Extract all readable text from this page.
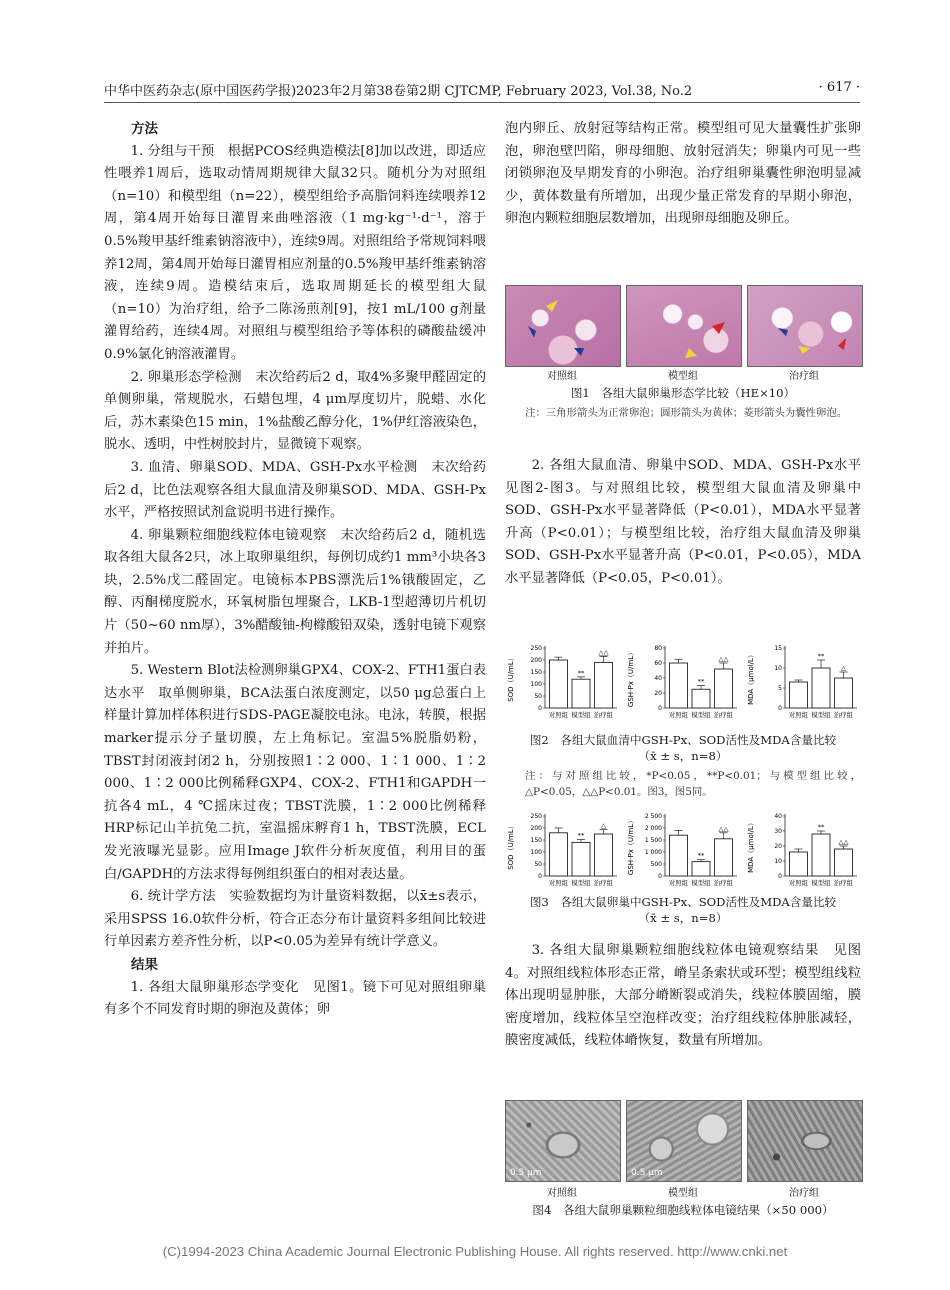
中华中医药杂志(原中国医药学报)2023年2月第38卷第2期 CJTCMP, February 2023, Vol.38, No.2	· 617 ·

方法

1. 分组与干预　根据PCOS经典造模法[8]加以改进，即适应性喂养1周后，选取动情周期规律大鼠32只。随机分为对照组（n=10）和模型组（n=22），模型组给予高脂饲料连续喂养12周，第4周开始每日灌胃来曲唑溶液（1 mg·kg⁻¹·d⁻¹，溶于0.5%羧甲基纤维素钠溶液中），连续9周。对照组给予常规饲料喂养12周，第4周开始每日灌胃相应剂量的0.5%羧甲基纤维素钠溶液，连续9周。造模结束后，选取周期延长的模型组大鼠（n=10）为治疗组，给予二陈汤煎剂[9]，按1 mL/100 g剂量灌胃给药，连续4周。对照组与模型组给予等体积的磷酸盐缓冲0.9%氯化钠溶液灌胃。

2. 卵巢形态学检测　末次给药后2 d，取4%多聚甲醛固定的单侧卵巢，常规脱水，石蜡包埋，4 μm厚度切片，脱蜡、水化后，苏木素染色15 min，1%盐酸乙醇分化，1%伊红溶液染色，脱水、透明，中性树胶封片，显微镜下观察。

3. 血清、卵巢SOD、MDA、GSH-Px水平检测　末次给药后2 d，比色法观察各组大鼠血清及卵巢SOD、MDA、GSH-Px水平，严格按照试剂盒说明书进行操作。

4. 卵巢颗粒细胞线粒体电镜观察　末次给药后2 d，随机选取各组大鼠各2只，冰上取卵巢组织，每例切成约1 mm³小块各3块，2.5%戊二醛固定。电镜标本PBS漂洗后1%锇酸固定，乙醇、丙酮梯度脱水，环氧树脂包埋聚合，LKB-1型超薄切片机切片（50~60 nm厚），3%醋酸铀-枸橼酸铅双染，透射电镜下观察并拍片。

5. Western Blot法检测卵巢GPX4、COX-2、FTH1蛋白表达水平　取单侧卵巢，BCA法蛋白浓度测定，以50 μg总蛋白上样量计算加样体积进行SDS-PAGE凝胶电泳。电泳，转膜，根据marker提示分子量切膜，左上角标记。室温5%脱脂奶粉，TBST封闭液封闭2 h，分别按照1∶2 000、1∶1 000、1∶2 000、1∶2 000比例稀释GXP4、COX-2、FTH1和GAPDH一抗各4 mL，4 ℃摇床过夜；TBST洗膜，1∶2 000比例稀释HRP标记山羊抗兔二抗，室温摇床孵育1 h，TBST洗膜，ECL发光液曝光显影。应用Image J软件分析灰度值，利用目的蛋白/GAPDH的方法求得每例组织蛋白的相对表达量。

6. 统计学方法　实验数据均为计量资料数据，以x̄±s表示，采用SPSS 16.0软件分析，符合正态分布计量资料多组间比较进行单因素方差齐性分析，以P<0.05为差异有统计学意义。

结果

1. 各组大鼠卵巢形态学变化　见图1。镜下可见对照组卵巢有多个不同发育时期的卵泡及黄体；卵

泡内卵丘、放射冠等结构正常。模型组可见大量囊性扩张卵泡，卵泡壁凹陷，卵母细胞、放射冠消失；卵巢内可见一些闭锁卵泡及早期发育的小卵泡。治疗组卵巢囊性卵泡明显减少，黄体数量有所增加，出现少量正常发育的早期小卵泡，卵泡内颗粒细胞层数增加，出现卵母细胞及卵丘。

对照组	模型组	治疗组
图1　各组大鼠卵巢形态学比较（HE×10）
注：三角形箭头为正常卵泡；圆形箭头为黄体；菱形箭头为囊性卵泡。

2. 各组大鼠血清、卵巢中SOD、MDA、GSH-Px水平　见图2-图3。与对照组比较，模型组大鼠血清及卵巢中SOD、GSH-Px水平显著降低（P<0.01），MDA水平显著升高（P<0.01）；与模型组比较，治疗组大鼠血清及卵巢SOD、GSH-Px水平显著升高（P<0.01，P<0.05），MDA水平显著降低（P<0.05，P<0.01）。

SOD（U/mL）
0
50
100
150
200
250
对照组
**
模型组
△△
治疗组
GSH-Px（U/mL）
0
20
40
60
80
对照组
**
模型组
△△
治疗组
MDA（μmol/L）
0
5
10
15
对照组
**
模型组
△
治疗组
图2　各组大鼠血清中GSH-Px、SOD活性及MDA含量比较
（x̄ ± s，n=8）
注：与对照组比较，*P<0.05，**P<0.01；与模型组比较，△P<0.05，△△P<0.01。图3，图5同。
SOD（U/mL）
0
50
100
150
200
250
对照组
**
模型组
△
治疗组
GSH-Px（U/mL）
0
500
1 000
1 500
2 000
2 500
对照组
**
模型组
△△
治疗组
MDA（μmol/L）
0
10
20
30
40
对照组
**
模型组
△△
治疗组
图3　各组大鼠卵巢中GSH-Px、SOD活性及MDA含量比较
（x̄ ± s，n=8）

3. 各组大鼠卵巢颗粒细胞线粒体电镜观察结果　见图4。对照组线粒体形态正常，嵴呈条索状或环型；模型组线粒体出现明显肿胀，大部分嵴断裂或消失，线粒体膜固缩，膜密度增加，线粒体呈空泡样改变；治疗组线粒体肿胀减轻，膜密度减低，线粒体嵴恢复，数量有所增加。

0.5 μm	0.5 μm
对照组	模型组	治疗组
图4　各组大鼠卵巢颗粒细胞线粒体电镜结果（×50 000）
(C)1994-2023 China Academic Journal Electronic Publishing House. All rights reserved. http://www.cnki.net
